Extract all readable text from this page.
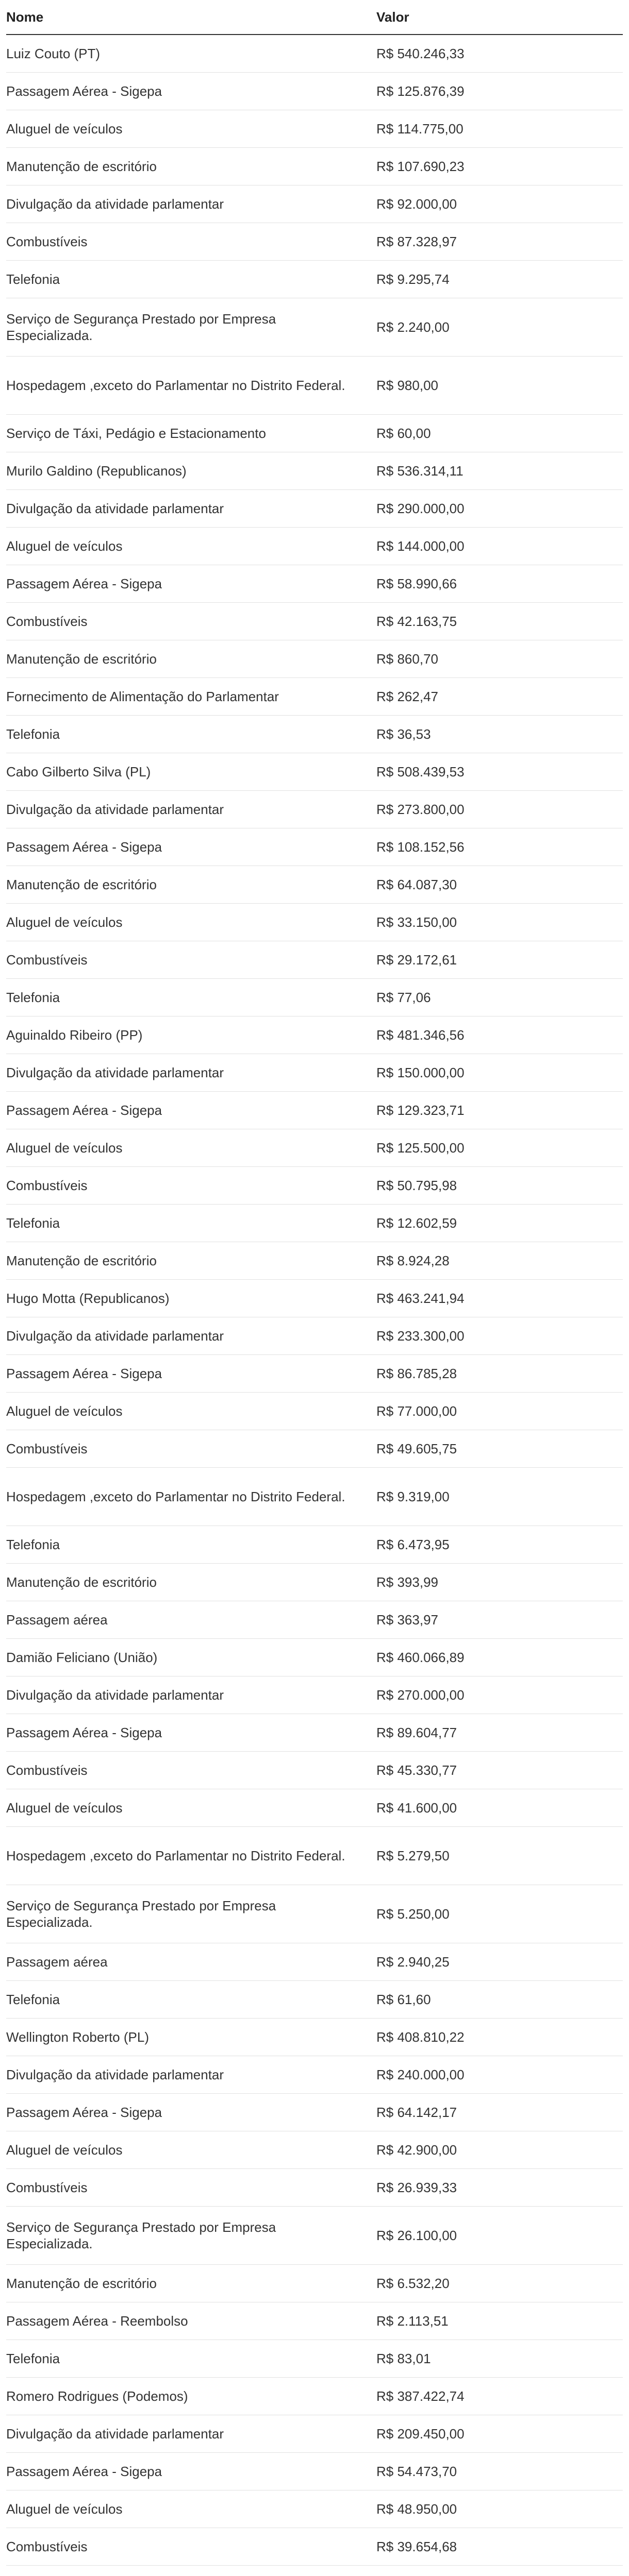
Nome	Valor
Luiz Couto (PT)	R$ 540.246,33
Passagem Aérea - Sigepa	R$ 125.876,39
Aluguel de veículos	R$ 114.775,00
Manutenção de escritório	R$ 107.690,23
Divulgação da atividade parlamentar	R$ 92.000,00
Combustíveis	R$ 87.328,97
Telefonia	R$ 9.295,74
Serviço de Segurança Prestado por Empresa Especializada.	R$ 2.240,00
Hospedagem ,exceto do Parlamentar no Distrito Federal.	R$ 980,00
Serviço de Táxi, Pedágio e Estacionamento	R$ 60,00
Murilo Galdino (Republicanos)	R$ 536.314,11
Divulgação da atividade parlamentar	R$ 290.000,00
Aluguel de veículos	R$ 144.000,00
Passagem Aérea - Sigepa	R$ 58.990,66
Combustíveis	R$ 42.163,75
Manutenção de escritório	R$ 860,70
Fornecimento de Alimentação do Parlamentar	R$ 262,47
Telefonia	R$ 36,53
Cabo Gilberto Silva (PL)	R$ 508.439,53
Divulgação da atividade parlamentar	R$ 273.800,00
Passagem Aérea - Sigepa	R$ 108.152,56
Manutenção de escritório	R$ 64.087,30
Aluguel de veículos	R$ 33.150,00
Combustíveis	R$ 29.172,61
Telefonia	R$ 77,06
Aguinaldo Ribeiro (PP)	R$ 481.346,56
Divulgação da atividade parlamentar	R$ 150.000,00
Passagem Aérea - Sigepa	R$ 129.323,71
Aluguel de veículos	R$ 125.500,00
Combustíveis	R$ 50.795,98
Telefonia	R$ 12.602,59
Manutenção de escritório	R$ 8.924,28
Hugo Motta (Republicanos)	R$ 463.241,94
Divulgação da atividade parlamentar	R$ 233.300,00
Passagem Aérea - Sigepa	R$ 86.785,28
Aluguel de veículos	R$ 77.000,00
Combustíveis	R$ 49.605,75
Hospedagem ,exceto do Parlamentar no Distrito Federal.	R$ 9.319,00
Telefonia	R$ 6.473,95
Manutenção de escritório	R$ 393,99
Passagem aérea	R$ 363,97
Damião Feliciano (União)	R$ 460.066,89
Divulgação da atividade parlamentar	R$ 270.000,00
Passagem Aérea - Sigepa	R$ 89.604,77
Combustíveis	R$ 45.330,77
Aluguel de veículos	R$ 41.600,00
Hospedagem ,exceto do Parlamentar no Distrito Federal.	R$ 5.279,50
Serviço de Segurança Prestado por Empresa Especializada.	R$ 5.250,00
Passagem aérea	R$ 2.940,25
Telefonia	R$ 61,60
Wellington Roberto (PL)	R$ 408.810,22
Divulgação da atividade parlamentar	R$ 240.000,00
Passagem Aérea - Sigepa	R$ 64.142,17
Aluguel de veículos	R$ 42.900,00
Combustíveis	R$ 26.939,33
Serviço de Segurança Prestado por Empresa Especializada.	R$ 26.100,00
Manutenção de escritório	R$ 6.532,20
Passagem Aérea - Reembolso	R$ 2.113,51
Telefonia	R$ 83,01
Romero Rodrigues (Podemos)	R$ 387.422,74
Divulgação da atividade parlamentar	R$ 209.450,00
Passagem Aérea - Sigepa	R$ 54.473,70
Aluguel de veículos	R$ 48.950,00
Combustíveis	R$ 39.654,68
